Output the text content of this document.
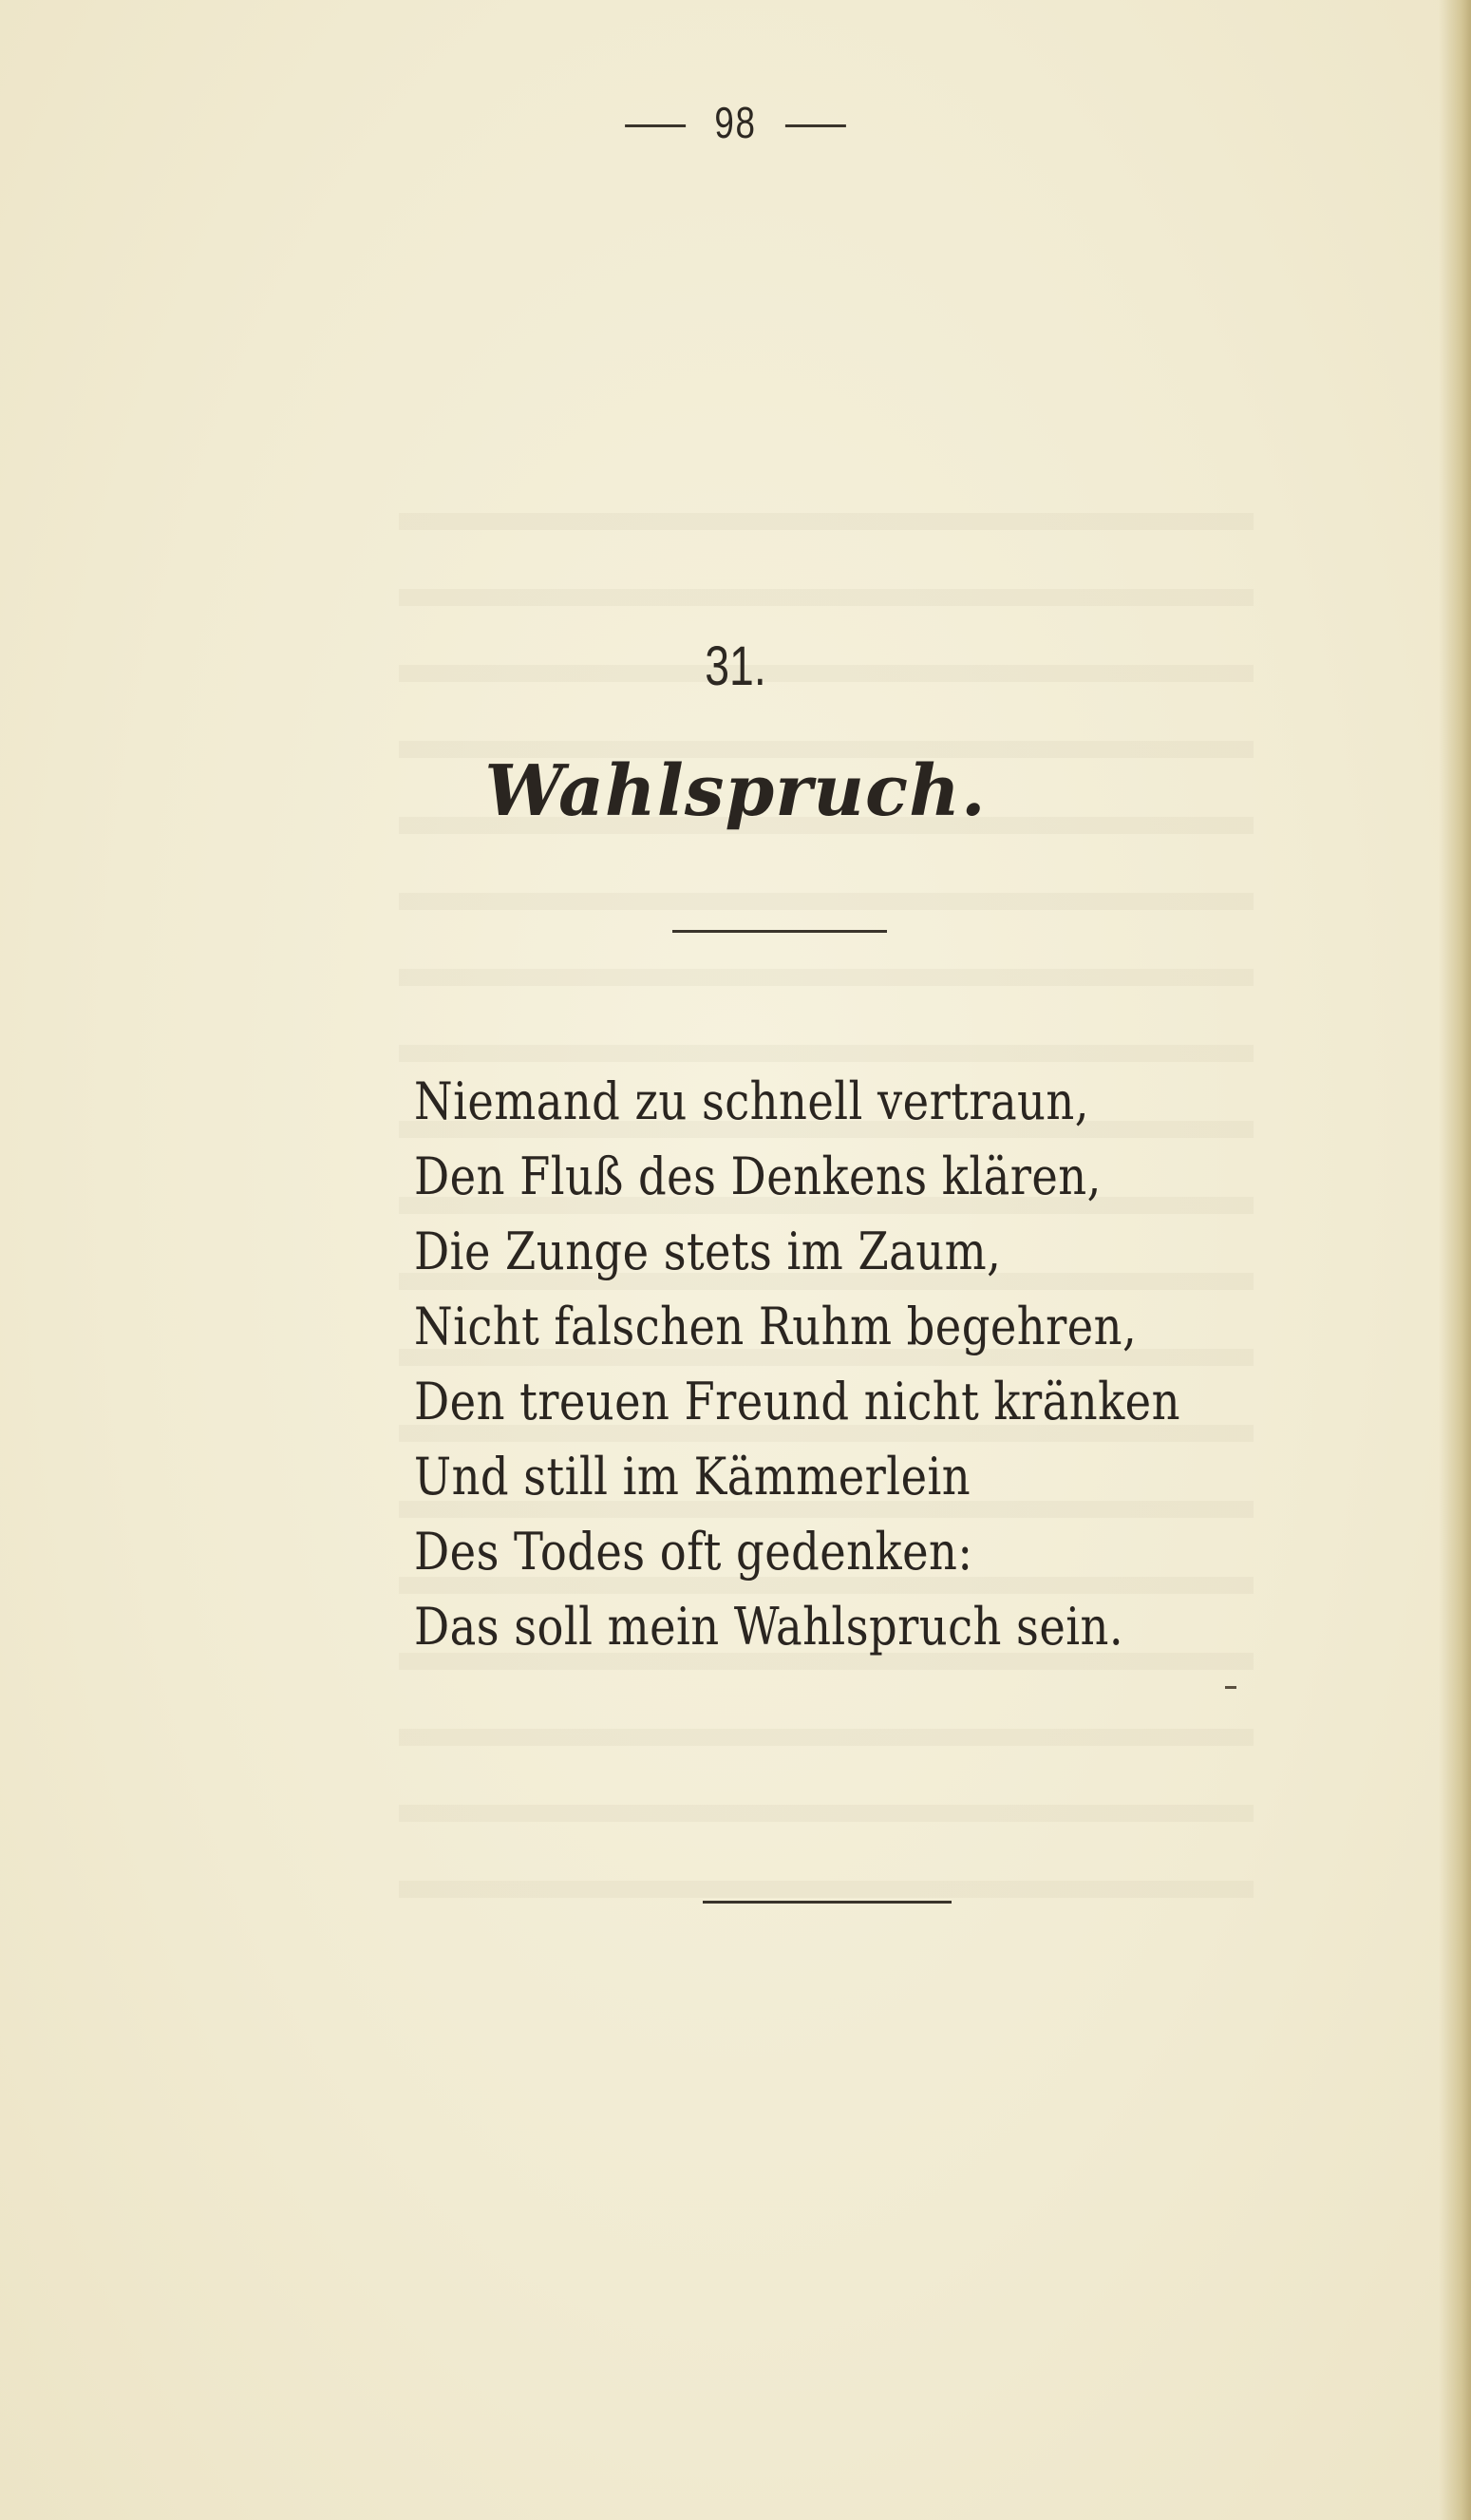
98
31.
Wahlspruch.
Niemand zu schnell vertraun,
Den Fluß des Denkens klären,
Die Zunge stets im Zaum,
Nicht falschen Ruhm begehren,
Den treuen Freund nicht kränken
Und still im Kämmerlein
Des Todes oft gedenken:
Das soll mein Wahlspruch sein.
